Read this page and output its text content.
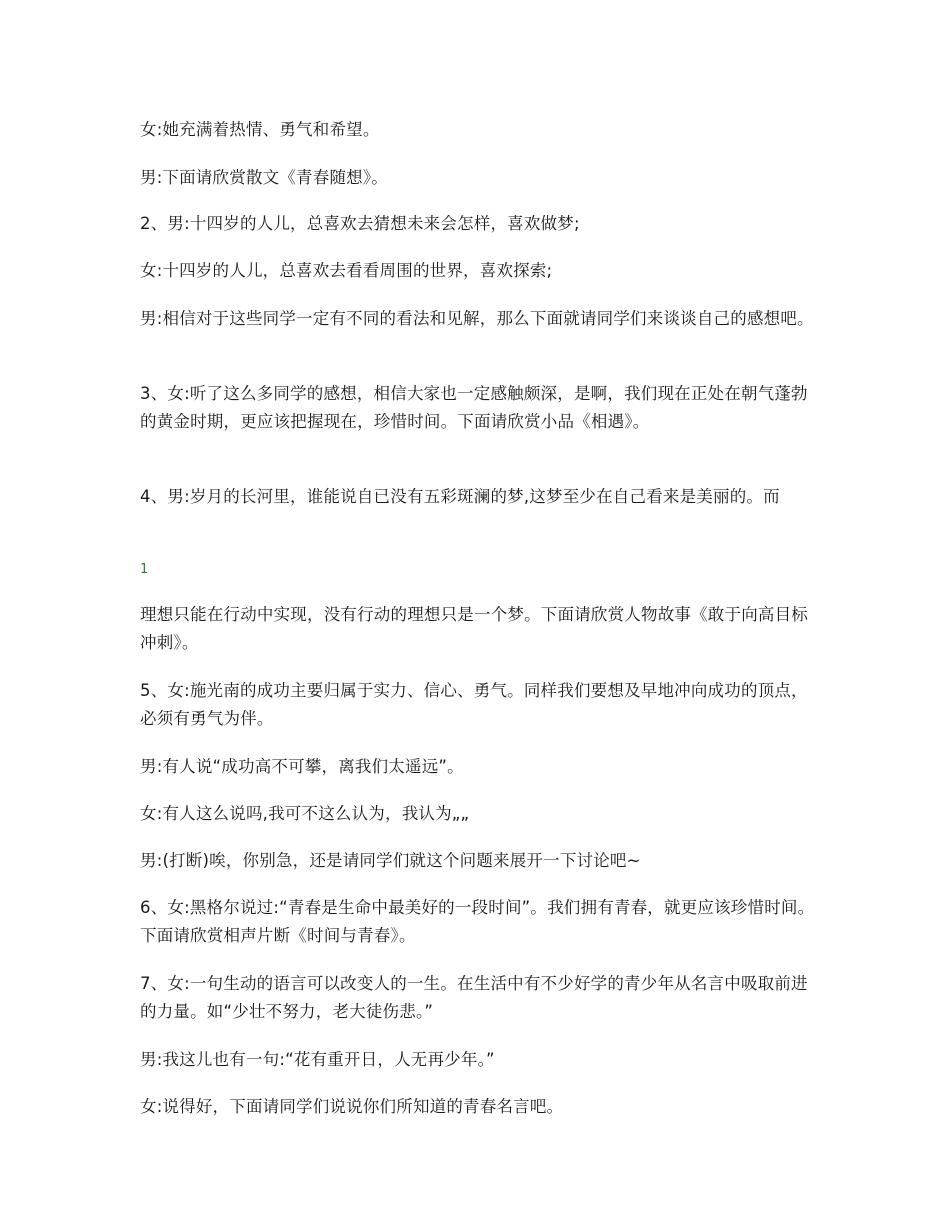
女:她充满着热情、勇气和希望。

男:下面请欣赏散文《青春随想》。

2、男:十四岁的人儿，总喜欢去猜想未来会怎样，喜欢做梦;

女:十四岁的人儿，总喜欢去看看周围的世界，喜欢探索;

男:相信对于这些同学一定有不同的看法和见解，那么下面就请同学们来谈谈自己的感想吧。

3、女:听了这么多同学的感想，相信大家也一定感触颇深，是啊，我们现在正处在朝气蓬勃的黄金时期，更应该把握现在，珍惜时间。下面请欣赏小品《相遇》。

4、男:岁月的长河里，谁能说自已没有五彩斑澜的梦,这梦至少在自己看来是美丽的。而

1

理想只能在行动中实现，没有行动的理想只是一个梦。下面请欣赏人物故事《敢于向高目标冲刺》。

5、女:施光南的成功主要归属于实力、信心、勇气。同样我们要想及早地冲向成功的顶点，必须有勇气为伴。

男:有人说“成功高不可攀，离我们太遥远”。

女:有人这么说吗,我可不这么认为，我认为„„

男:(打断)唉，你别急，还是请同学们就这个问题来展开一下讨论吧~

6、女:黑格尔说过:“青春是生命中最美好的一段时间”。我们拥有青春，就更应该珍惜时间。下面请欣赏相声片断《时间与青春》。

7、女:一句生动的语言可以改变人的一生。在生活中有不少好学的青少年从名言中吸取前进的力量。如“少壮不努力，老大徒伤悲。”

男:我这儿也有一句:“花有重开日，人无再少年。”

女:说得好，下面请同学们说说你们所知道的青春名言吧。
